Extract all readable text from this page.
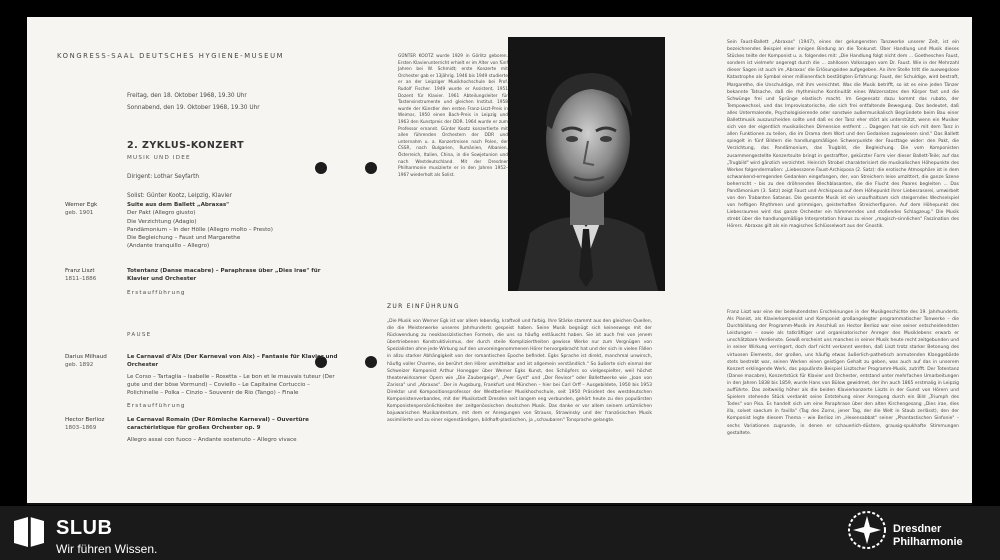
KONGRESS-SAAL DEUTSCHES HYGIENE-MUSEUM
Freitag, den 18. Oktober 1968, 19.30 Uhr
Sonnabend, den 19. Oktober 1968, 19.30 Uhr
2. ZYKLUS-KONZERT
MUSIK UND IDEE
Dirigent: Lothar Seyfarth
Solist: Günter Kootz, Leipzig, Klavier
Werner Egk
geb. 1901
Suite aus dem Ballett „Abraxas"
Der Pakt (Allegro giusto)
Die Verzichtung (Adagio)
Pandämonium – In der Hölle (Allegro molto – Presto)
Die Begleichung – Faust und Margarethe
(Andante tranquillo – Allegro)
Franz Liszt
1811–1886
Totentanz (Danse macabre) – Paraphrase über „Dies irae" für Klavier und Orchester
Erstaufführung
PAUSE
Darius Milhaud
geb. 1892
Le Carnaval d'Aix (Der Karneval von Aix) – Fantasie für Klavier und Orchester
Le Corso – Tartaglia – Isabelle – Rosetta – Le bon et le mauvais tuteur (Der gute und der böse Vormund) – Coviello – Le Capitaine Cortuccio – Polichinelle – Polka – Cinzio – Souvenir de Rio (Tango) – Finale
Erstaufführung
Hector Berlioz
1803–1869
Le Carnaval Romain (Der Römische Karneval) – Ouvertüre caractéristique für großes Orchester op. 9
Allegro assai con fuoco – Andante sostenuto – Allegro vivace
GÜNTER KOOTZ wurde 1929 in Görlitz geboren. Ersten Klavierunterricht erhielt er im Alter von fünf Jahren bei W. Schmidt; erste Konzerte mit Orchester gab er 13jährig. 1946 bis 1949 studierte er an der Leipziger Musikhochschule bei Prof. Rudolf Fischer. 1949 wurde er Assistent, 1951 Dozent für Klavier. 1961 Abteilungsleiter für Tastensinstrumente und gleichen Institut. 1958 wurde der Künstler den ersten Franz-Liszt-Preis in Weimar, 1950 einen Bach-Preis in Leipzig und 1963 den Kunstpreis der DDR. 1964 wurde er zum Professor ernannt. Günter Kootz konzertierte mit allen führenden Orchestern der DDR und unternahm u. a. Konzertreisen nach Polen, der ČSSR, nach Bulgarien, Rumänien, Albanien, Österreich, Italien, China, in die Sowjetunion und nach Westdeutschland. Mit der Dresdner Philharmonie musizierte er in den Jahren 1952–1967 wiederholt als Solist.
ZUR EINFÜHRUNG
„Die Musik von Werner Egk ist vor allem lebendig, kraftvoll und farbig. Ihre Stärke stammt aus den gleichen Quellen, die die Meisterwerke unseres Jahrhunderts gespeist haben. Seine Musik begnügt sich keineswegs mit der Rückwendung zu neoklassizistischen Formeln, die uns so häufig entläuscht haben. Sie ist auch frei von jenem übertriebenen Konstruktivismus, der durch steile Kompliziertheiten gewisse Werke nur zum Vergnügen von Spezialisten ohne jede Wirkung auf den unvoreingenommenen Hörer hervorgebracht hat und der sich in vielen Fällen in allzu starker Abhängigkeit von der romantischen Epoche befindet. Egks Sprache ist direkt, manchmal unwirsch, häufig voller Charme, sie berührt den Hörer unmittelbar und ist allgemein verständlich." So äußerte sich einmal der Schweizer Komponist Arthur Honegger über Werner Egks Kunst, des Schöpfers so vielgespielter, weil höchst theaterwirksamer Opern wie „Die Zaubergeige", „Peer Gynt" und „Der Revisor" oder Ballettwerke wie „Joan von Zarissa" und „Abraxas". Der in Augsburg, Frankfurt und München – hier bei Carl Orff – Ausgebildete, 1950 bis 1953 Direktor und Kompositionsprofessor der Westberliner Musikhochschule, seit 1950 Präsident des westdeutschen Komponistenverbandes, mit der Musikstadt Dresden seit langem eng verbunden, gehört heute zu den populärsten Komponistenpersönlichkeiten der zeitgenössischen deutschen Musik. Das danke er vor allem seinem urtümlichen bajuwarischen Musikantentum, mit dem er Anregungen von Strauss, Strawinsky und der französischen Musik assimilierte und zu einer eigenständigen, bildhaft-plastischen, ja „schaubaren" Tonsprache gelangte.
Sein Faust-Ballett „Abraxas" (1947), eines der gelungensten Tanzwerke unserer Zeit, ist ein bezeichnendes Beispiel einer innigen Bindung an die Tonkunst. Über Handlung und Musik dieses Stückes teilte der Komponist u. a. folgendes mit: „Die Handlung folgt nicht dem ... Goetheschen Faust, sondern ist vielmehr angeregt durch die ... zahllosen Volkssagen vom Dr. Faust. Wie in der Mehrzahl dieser Sagen ist auch im ‚Abraxas' die Erlösungsidee aufgegeben. An ihre Stelle tritt die auswegslose Katastrophe als Symbol einer millionenfach bestätigten Erfahrung: Faust, der Schuldige, wird bestraft, Margarethe, die Unschuldige, mit ihm vernichtet. Was die Musik betrifft, so ist es eine jeden Tänzer bekannte Tatsache, daß die rhythmische Kontinuität eines Walzersatzes den Körper fast und die Schwünge frei und Sprünge elastisch macht. Im Gegensatz dazu kommt das rubato, der Tempowechsel, und das Improvisatorische, die sich frei entfaltende Bewegung. Das bedeutet, daß alles Untermalende, Psychologisierende oder sonstwie außermusikalisch Begründete beim Bau einer Ballettmusik auszuscheiden sollte und daß es der Tanz eher stört als unterstützt, wenn ein Musiker sich von der eigentlich musikalischen Dimension entfernt ... Dagegen hat sie sich mit dem Tanz in allen Funktionen zu teilen, die im Drama dem Wort und den Gedanken zugewiesen sind." Das Ballett spiegelt in fünf Bildern die handlungsmäßigen Schwerpunkte der Fausttage wider: den Pakt, die Verzichtung, das Pandämonium, das Trugbild, die Begleichung. Die vom Komponisten zusammengestellte Konzertsuite bringt in gestraffter, gekürzter Form vier dieser Ballett-Teile; auf das „Trugbild" wird gänzlich verzichtet. Heinrich Strobel charakterisiert die musikalischen Höhepunkte des Werkes folgendermaßen: „Liebesszene Faust-Archisposa (2. Satz): die erotische Atmosphäre ist in dem schwankend-erregenden Gedanken eingefangen, der, von Streichern leise umzittert, die ganze Szene beherrscht – bis zu den dröhnenden Blechblasanten, die die Flucht des Paares begleiten ... Das Pandämonium (3. Satz) zeigt Faust und Archisposa auf dem Höhepunkt ihrer Liebesraserei, umwirbelt von den Trabanten Satanas. Die gesamte Musik ist ein unaufhaltsam sich steigerndes Wechselspiel von heftigen Rhythmen und grimmigen, geisterhaften Streicherfiguren. Auf dem Höhepunkt des Liebesraumes wird das ganze Orchester ein hämmerndes und stoßendes Schlagzeug." Die Musik strebt über die handlungsmäßige Interpretation hinaus zu einer „magisch-sinnlichen" Faszination des Hörers. Abraxas gilt als ein magisches Schlüsselwort aus der Gnostik.
Franz Liszt war eine der bedeutendsten Erscheinungen in der Musikgeschichte des 19. Jahrhunderts. Als Pianist, als Klavierkomponist und Komponist großangelegter programmatischer Tonwerke – die Durchbildung der Programm-Musik im Anschluß an Hector Berlioz war eine seiner entscheidendsten Leistungen – sowie als tatkräftiger und organisatorischer Anreger des Musiklebens erwarb er unschätzbare Verdienste. Gewiß erscheint uns manches in seiner Musik heute recht zeitgebunden und in seiner Wirkung verringert, doch darf nicht verkannt werden, daß Liszt trotz starker Betonung des virtuosen Elements, der großen, uns häufig etwas äußerlich-pathetisch anmutenden Klanggebärde stets bestrebt war, seinen Werken einen geistigen Gehalt zu geben, was auch auf das in unserem Konzert erklingende Werk, das populärste Beispiel Lisztscher Programm-Musik, zutrifft. Der Totentanz (Danse macabre), Konzertstück für Klavier und Orchester, entstand unter mehrfachen Umarbeitungen in den Jahren 1838 bis 1859, wurde Hans von Bülow gewidmet, der ihn auch 1865 erstmalig in Leipzig aufführte. Das zeitweilig höher als die beiden Klavierkonzerte Liszts in der Gunst von Hörern und Spielern stehende Stück verdankt seine Entstehung einer Anregung durch ein Bild „Triumph des Todes" von Pisa. Es handelt sich um eine Paraphrase über den alten Kirchengesang „Dies irae, dies illa, solvet saeclum in favilla" (Tag des Zorns, jener Tag, der die Welt in Staub zerlässt), den der Komponist legte diesem Thema – wie Berlioz im „Hexensabbat" seiner „Phantastischen Sinfonie" – sechs Variationen zugrunde, in denen er schauerlich-düstere, grausig-spukhafte Stimmungen gestaltete.
SLUB
Wir führen Wissen.
Dresdner Philharmonie
